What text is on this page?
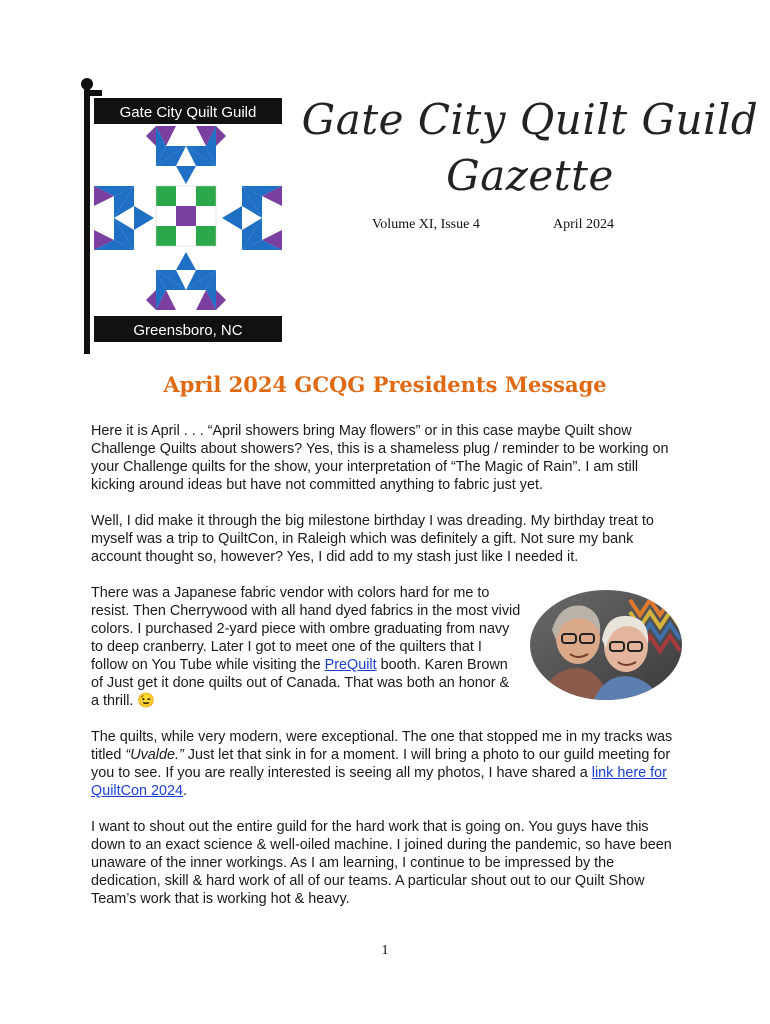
Gate City Quilt Guild
Greensboro, NC
Gate City Quilt Guild
Gazette
Volume XI, Issue 4	April 2024
April 2024 GCQG Presidents Message

Here it is April . . . “April showers bring May flowers” or in this case maybe Quilt show Challenge Quilts about showers? Yes, this is a shameless plug / reminder to be working on your Challenge quilts for the show, your interpretation of “The Magic of Rain”. I am still kicking around ideas but have not committed anything to fabric just yet.

Well, I did make it through the big milestone birthday I was dreading. My birthday treat to myself was a trip to QuiltCon, in Raleigh which was definitely a gift. Not sure my bank account thought so, however? Yes, I did add to my stash just like I needed it.

There was a Japanese fabric vendor with colors hard for me to resist. Then Cherrywood with all hand dyed fabrics in the most vivid colors. I purchased 2-yard piece with ombre graduating from navy to deep cranberry. Later I got to meet one of the quilters that I follow on You Tube while visiting the PreQuilt booth. Karen Brown of Just get it done quilts out of Canada. That was both an honor & a thrill. 😉

The quilts, while very modern, were exceptional. The one that stopped me in my tracks was titled “Uvalde.” Just let that sink in for a moment. I will bring a photo to our guild meeting for you to see. If you are really interested is seeing all my photos, I have shared a link here for QuiltCon 2024.

I want to shout out the entire guild for the hard work that is going on. You guys have this down to an exact science & well-oiled machine. I joined during the pandemic, so have been unaware of the inner workings. As I am learning, I continue to be impressed by the dedication, skill & hard work of all of our teams. A particular shout out to our Quilt Show Team’s work that is working hot & heavy.

1
